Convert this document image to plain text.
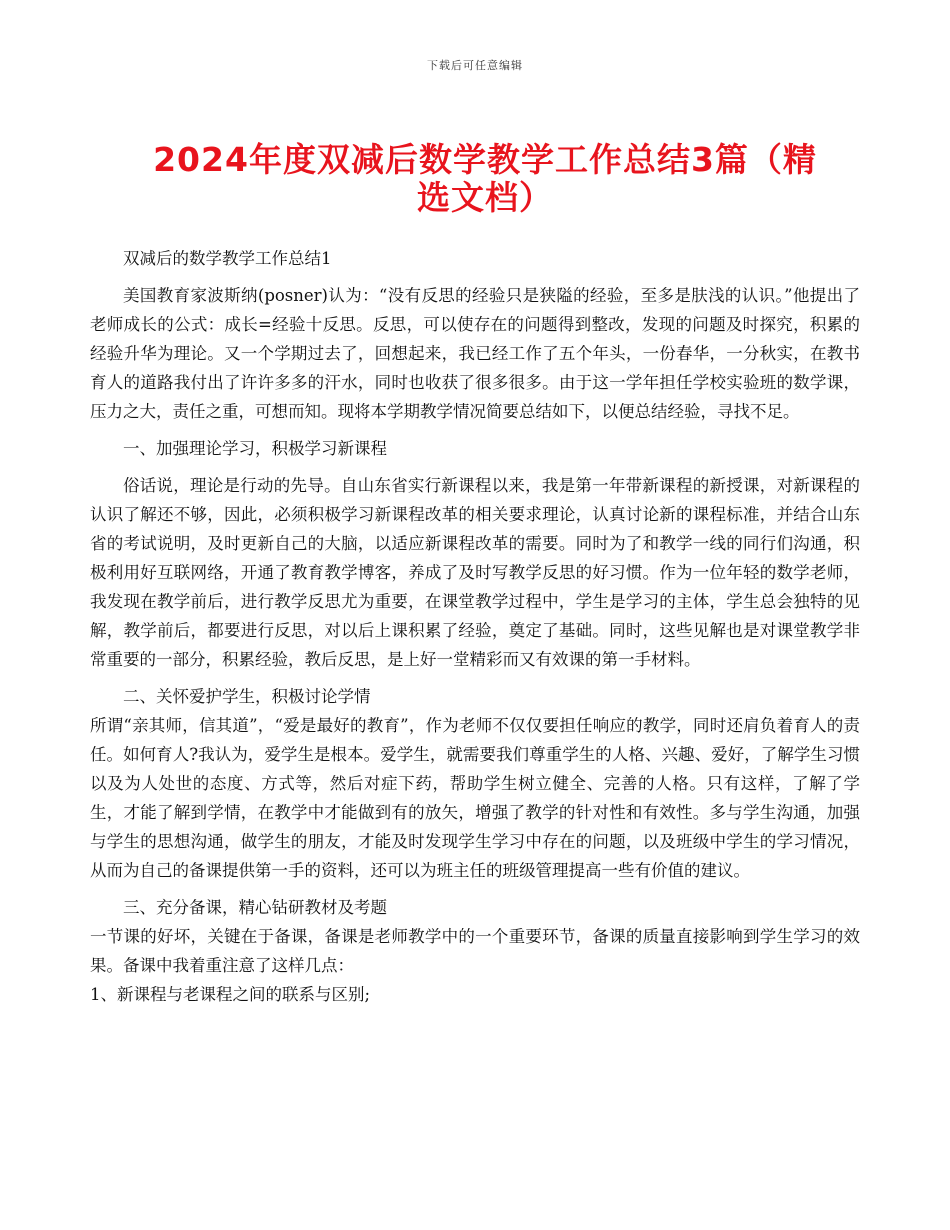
下载后可任意编辑
2024年度双减后数学教学工作总结3篇（精选文档）

双减后的数学教学工作总结1

美国教育家波斯纳(posner)认为：“没有反思的经验只是狭隘的经验，至多是肤浅的认识。”他提出了老师成长的公式：成长=经验十反思。反思，可以使存在的问题得到整改，发现的问题及时探究，积累的经验升华为理论。又一个学期过去了，回想起来，我已经工作了五个年头，一份春华，一分秋实，在教书育人的道路我付出了许许多多的汗水，同时也收获了很多很多。由于这一学年担任学校实验班的数学课，压力之大，责任之重，可想而知。现将本学期教学情况简要总结如下，以便总结经验，寻找不足。

一、加强理论学习，积极学习新课程

俗话说，理论是行动的先导。自山东省实行新课程以来，我是第一年带新课程的新授课，对新课程的认识了解还不够，因此，必须积极学习新课程改革的相关要求理论，认真讨论新的课程标准，并结合山东省的考试说明，及时更新自己的大脑，以适应新课程改革的需要。同时为了和教学一线的同行们沟通，积极利用好互联网络，开通了教育教学博客，养成了及时写教学反思的好习惯。作为一位年轻的数学老师，我发现在教学前后，进行教学反思尤为重要，在课堂教学过程中，学生是学习的主体，学生总会独特的见解，教学前后，都要进行反思，对以后上课积累了经验，奠定了基础。同时，这些见解也是对课堂教学非常重要的一部分，积累经验，教后反思，是上好一堂精彩而又有效课的第一手材料。

二、关怀爱护学生，积极讨论学情

所谓“亲其师，信其道”，“爱是最好的教育”，作为老师不仅仅要担任响应的教学，同时还肩负着育人的责任。如何育人?我认为，爱学生是根本。爱学生，就需要我们尊重学生的人格、兴趣、爱好，了解学生习惯以及为人处世的态度、方式等，然后对症下药，帮助学生树立健全、完善的人格。只有这样，了解了学生，才能了解到学情，在教学中才能做到有的放矢，增强了教学的针对性和有效性。多与学生沟通，加强与学生的思想沟通，做学生的朋友，才能及时发现学生学习中存在的问题，以及班级中学生的学习情况，从而为自己的备课提供第一手的资料，还可以为班主任的班级管理提高一些有价值的建议。

三、充分备课，精心钻研教材及考题

一节课的好坏，关键在于备课，备课是老师教学中的一个重要环节，备课的质量直接影响到学生学习的效果。备课中我着重注意了这样几点：

1、新课程与老课程之间的联系与区别;
